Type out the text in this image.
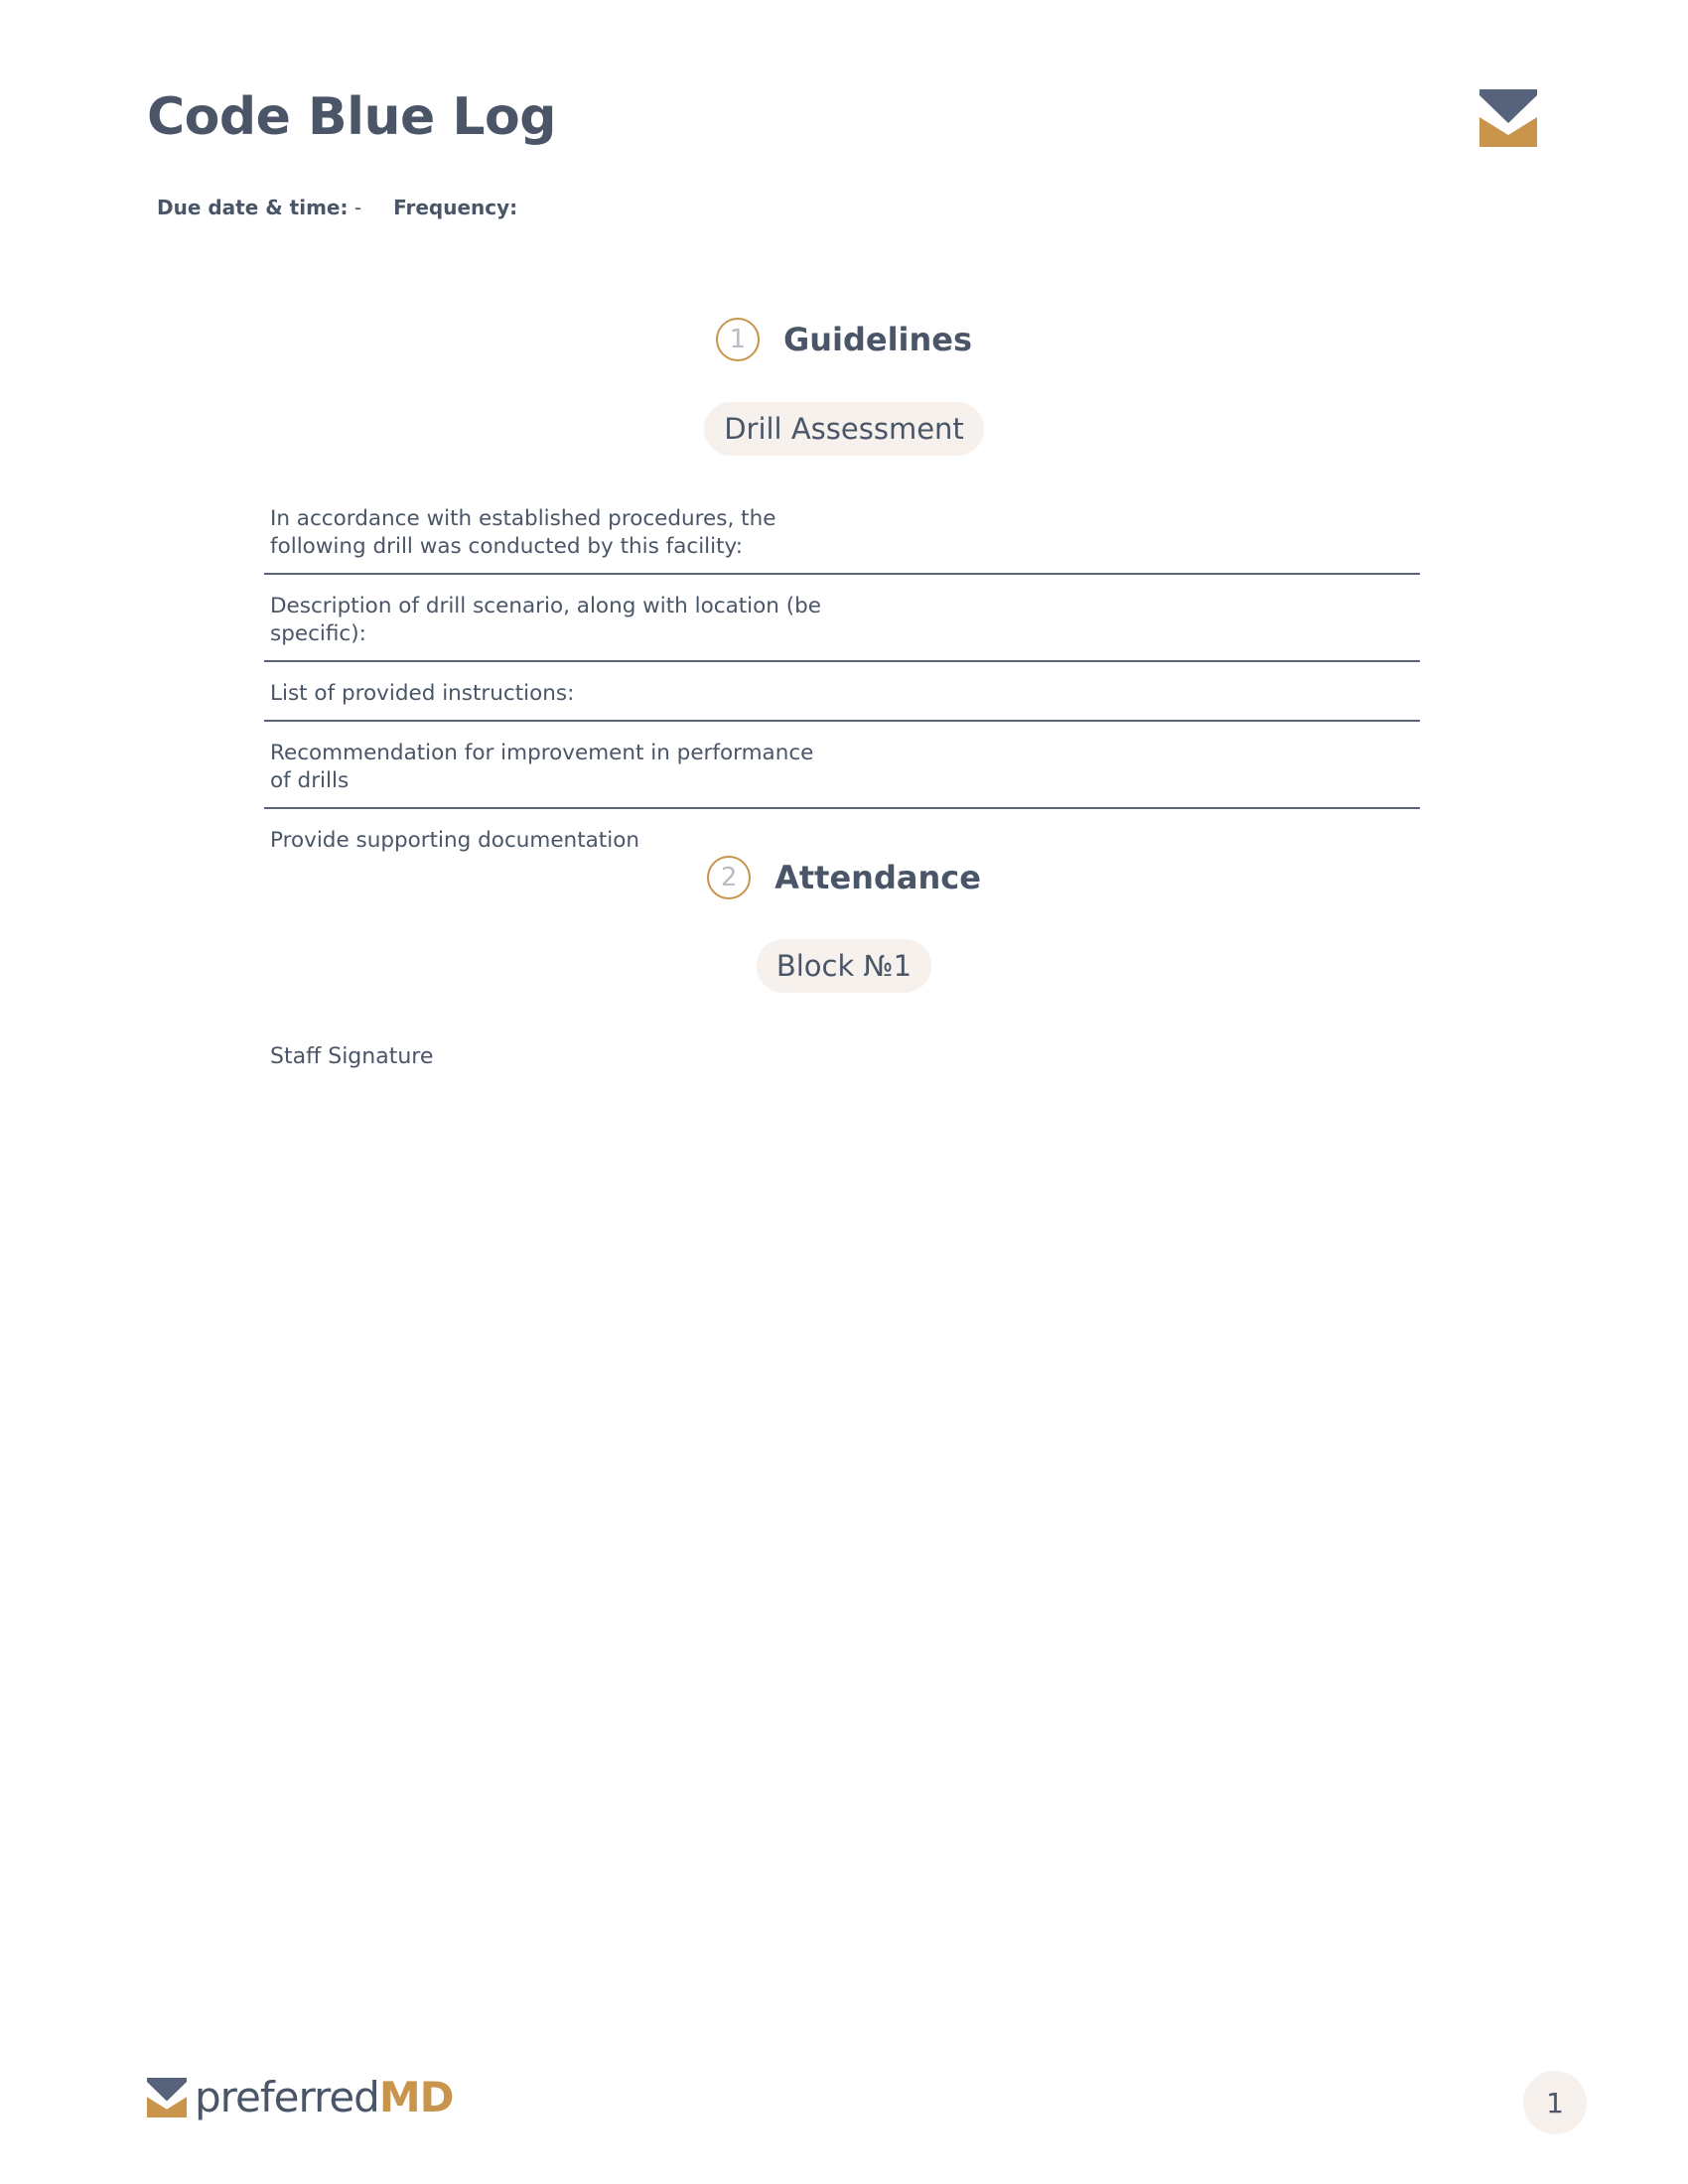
Code Blue Log
Due date & time: - Frequency:
1	Guidelines
Drill Assessment
In accordance with established procedures, the following drill was conducted by this facility:
Description of drill scenario, along with location (be specific):
List of provided instructions:
Recommendation for improvement in performance of drills
Provide supporting documentation
2	Attendance
Block №1
Staff Signature
preferredMD	1
